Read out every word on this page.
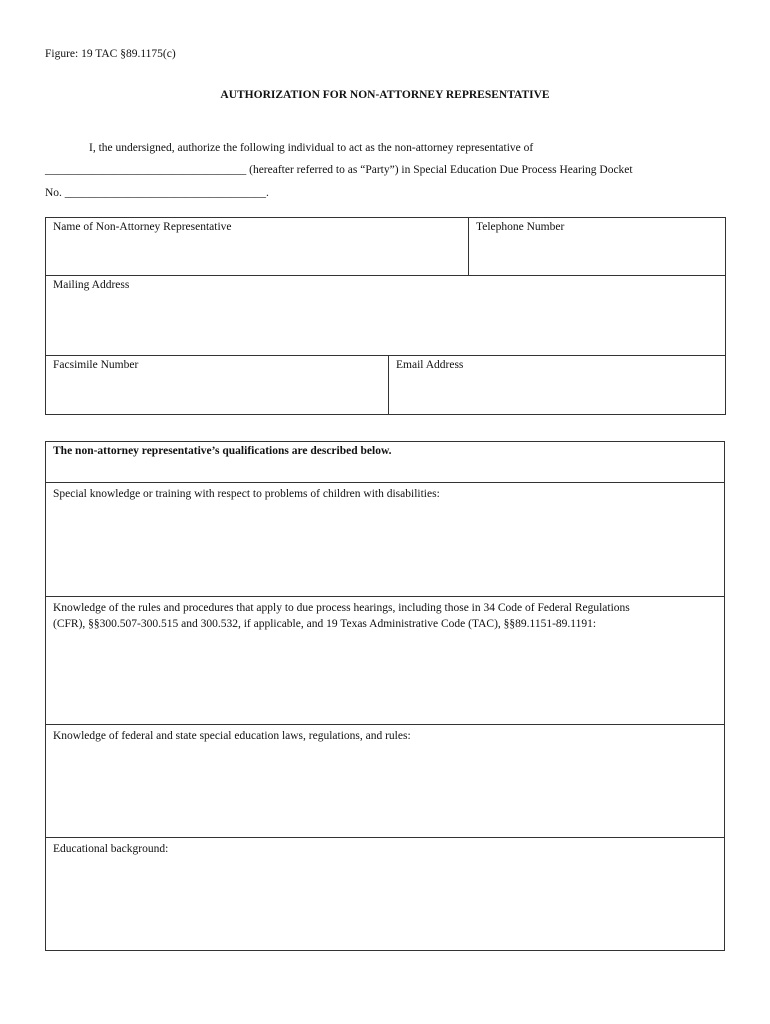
Figure: 19 TAC §89.1175(c)
AUTHORIZATION FOR NON-ATTORNEY REPRESENTATIVE
I, the undersigned, authorize the following individual to act as the non-attorney representative of
___________________________________ (hereafter referred to as “Party”) in Special Education Due Process Hearing Docket
No. ___________________________________.
Name of Non-Attorney Representative		Telephone Number

Mailing Address		

Facsimile Number	Email Address	
The non-attorney representative’s qualifications are described below.

Special knowledge or training with respect to problems of children with disabilities:

Knowledge of the rules and procedures that apply to due process hearings, including those in 34 Code of Federal Regulations
(CFR), §§300.507-300.515 and 300.532, if applicable, and 19 Texas Administrative Code (TAC), §§89.1151-89.1191:

Knowledge of federal and state special education laws, regulations, and rules:

Educational background:
